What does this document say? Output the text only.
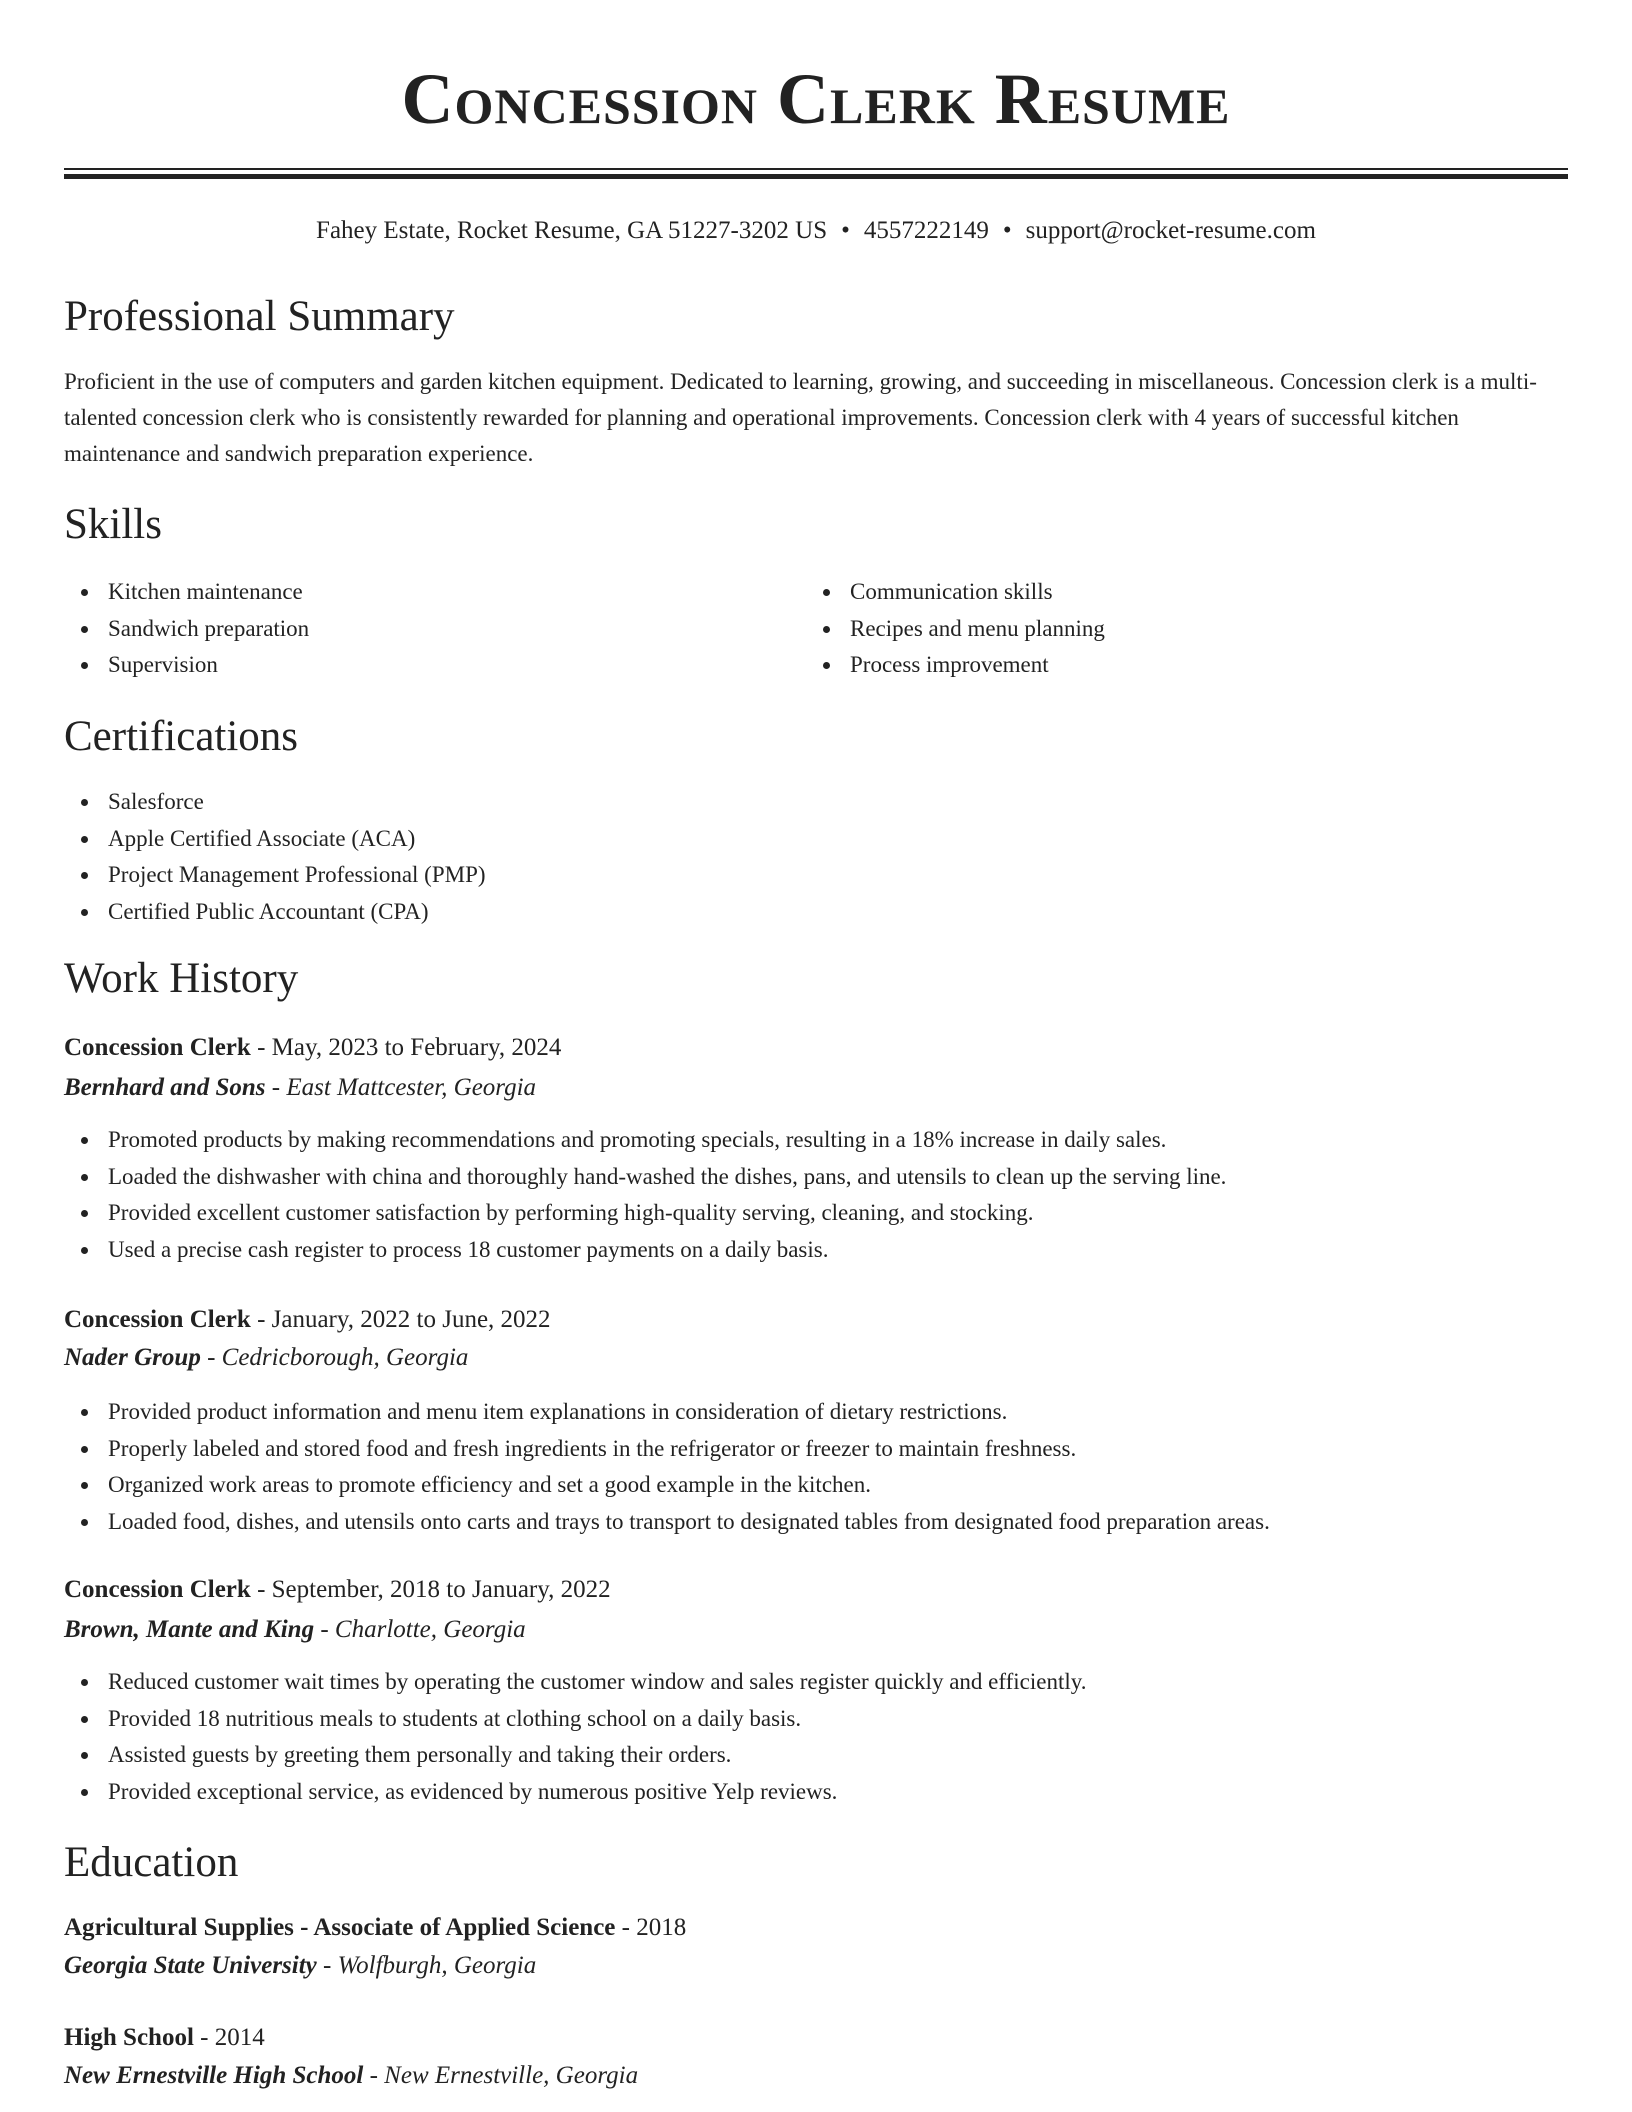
Concession Clerk Resume
Fahey Estate, Rocket Resume, GA 51227-3202 US • 4557222149 • support@rocket-resume.com
Professional Summary

Proficient in the use of computers and garden kitchen equipment. Dedicated to learning, growing, and succeeding in miscellaneous. Concession clerk is a multi-talented concession clerk who is consistently rewarded for planning and operational improvements. Concession clerk with 4 years of successful kitchen maintenance and sandwich preparation experience.

Skills
Kitchen maintenance
Sandwich preparation
Supervision
Communication skills
Recipes and menu planning
Process improvement
Certifications
Salesforce
Apple Certified Associate (ACA)
Project Management Professional (PMP)
Certified Public Accountant (CPA)
Work History
Concession Clerk - May, 2023 to February, 2024
Bernhard and Sons - East Mattcester, Georgia
Promoted products by making recommendations and promoting specials, resulting in a 18% increase in daily sales.
Loaded the dishwasher with china and thoroughly hand-washed the dishes, pans, and utensils to clean up the serving line.
Provided excellent customer satisfaction by performing high-quality serving, cleaning, and stocking.
Used a precise cash register to process 18 customer payments on a daily basis.
Concession Clerk - January, 2022 to June, 2022
Nader Group - Cedricborough, Georgia
Provided product information and menu item explanations in consideration of dietary restrictions.
Properly labeled and stored food and fresh ingredients in the refrigerator or freezer to maintain freshness.
Organized work areas to promote efficiency and set a good example in the kitchen.
Loaded food, dishes, and utensils onto carts and trays to transport to designated tables from designated food preparation areas.
Concession Clerk - September, 2018 to January, 2022
Brown, Mante and King - Charlotte, Georgia
Reduced customer wait times by operating the customer window and sales register quickly and efficiently.
Provided 18 nutritious meals to students at clothing school on a daily basis.
Assisted guests by greeting them personally and taking their orders.
Provided exceptional service, as evidenced by numerous positive Yelp reviews.
Education
Agricultural Supplies - Associate of Applied Science - 2018
Georgia State University - Wolfburgh, Georgia
High School - 2014
New Ernestville High School - New Ernestville, Georgia
